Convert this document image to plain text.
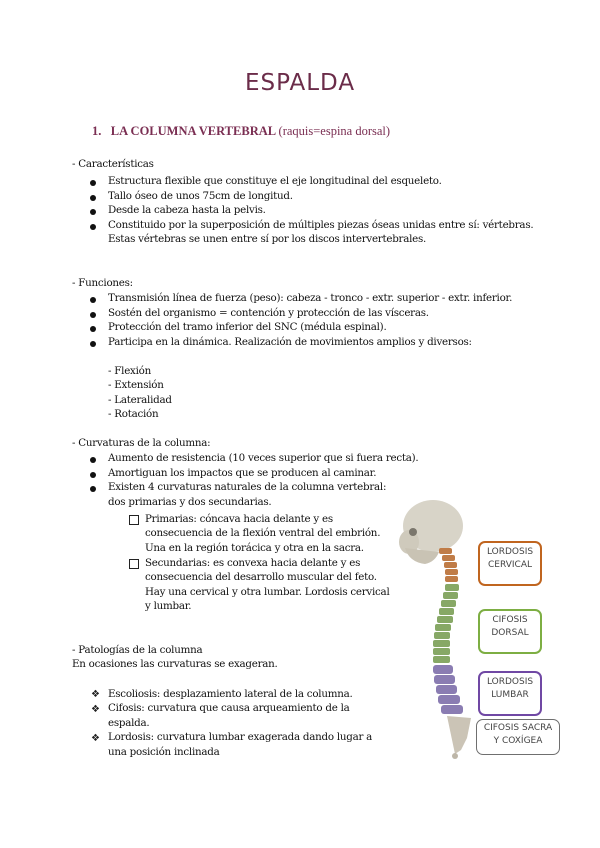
ESPALDA
1. LA COLUMNA VERTEBRAL (raquis=espina dorsal)
- Características
Estructura flexible que constituye el eje longitudinal del esqueleto.
Tallo óseo de unos 75cm de longitud.
Desde la cabeza hasta la pelvis.
Constituido por la superposición de múltiples piezas óseas unidas entre sí: vértebras.
Estas vértebras se unen entre sí por los discos intervertebrales.
- Funciones:
Transmisión línea de fuerza (peso): cabeza - tronco - extr. superior - extr. inferior.
Sostén del organismo = contención y protección de las vísceras.
Protección del tramo inferior del SNC (médula espinal).
Participa en la dinámica. Realización de movimientos amplios y diversos:
- Flexión
- Extensión
- Lateralidad
- Rotación
- Curvaturas de la columna:
Aumento de resistencia (10 veces superior que si fuera recta).
Amortiguan los impactos que se producen al caminar.
Existen 4 curvaturas naturales de la columna vertebral:
dos primarias y dos secundarias.
Primarias: cóncava hacia delante y es
consecuencia de la flexión ventral del embrión.
Una en la región torácica y otra en la sacra.
Secundarias: es convexa hacia delante y es
consecuencia del desarrollo muscular del feto.
Hay una cervical y otra lumbar. Lordosis cervical
y lumbar.
- Patologías de la columna
En ocasiones las curvaturas se exageran.
❖ Escoliosis: desplazamiento lateral de la columna.
❖ Cifosis: curvatura que causa arqueamiento de la
espalda.
❖ Lordosis: curvatura lumbar exagerada dando lugar a
una posición inclinada
LORDOSIS
CERVICAL
CIFOSIS
DORSAL
LORDOSIS
LUMBAR
CIFOSIS SACRA
Y COXÍGEA
